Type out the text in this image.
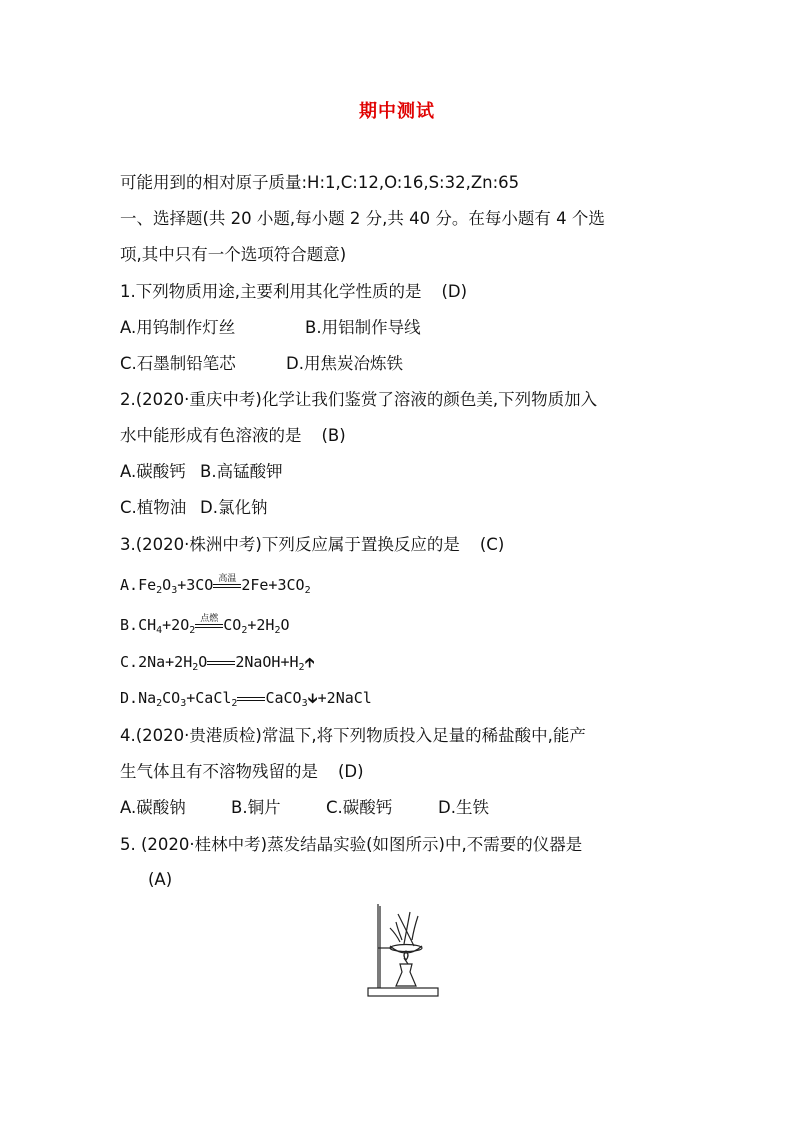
期中测试
可能用到的相对原子质量:H:1,C:12,O:16,S:32,Zn:65
一、选择题(共 20 小题,每小题 2 分,共 40 分。在每小题有 4 个选
项,其中只有一个选项符合题意)
1.下列物质用途,主要利用其化学性质的是 (D)
A.用钨制作灯丝	B.用铝制作导线
C.石墨制铅笔芯	D.用焦炭冶炼铁
2.(2020·重庆中考)化学让我们鉴赏了溶液的颜色美,下列物质加入
水中能形成有色溶液的是 (B)
A.碳酸钙 B.高锰酸钾
C.植物油 D.氯化钠
3.(2020·株洲中考)下列反应属于置换反应的是 (C)
$A.Fe_2O_3+3CO$ 高温 $2Fe+3CO_2$
$B.CH_4+2O_2$
点燃 $CO_2+2H_2O$
$C.2Na+2H_2O$ $2NaOH+H_2🡱$
$D.Na_2CO_3+CaCl_2$ CaCO$_3$🡳+2NaCl
4.(2020·贵港质检)常温下,将下列物质投入足量的稀盐酸中,能产
生气体且有不溶物残留的是 (D)
A.碳酸钠	B.铜片	C.碳酸钙	D.生铁
5. (2020·桂林中考)蒸发结晶实验(如图所示)中,不需要的仪器是
(A)
